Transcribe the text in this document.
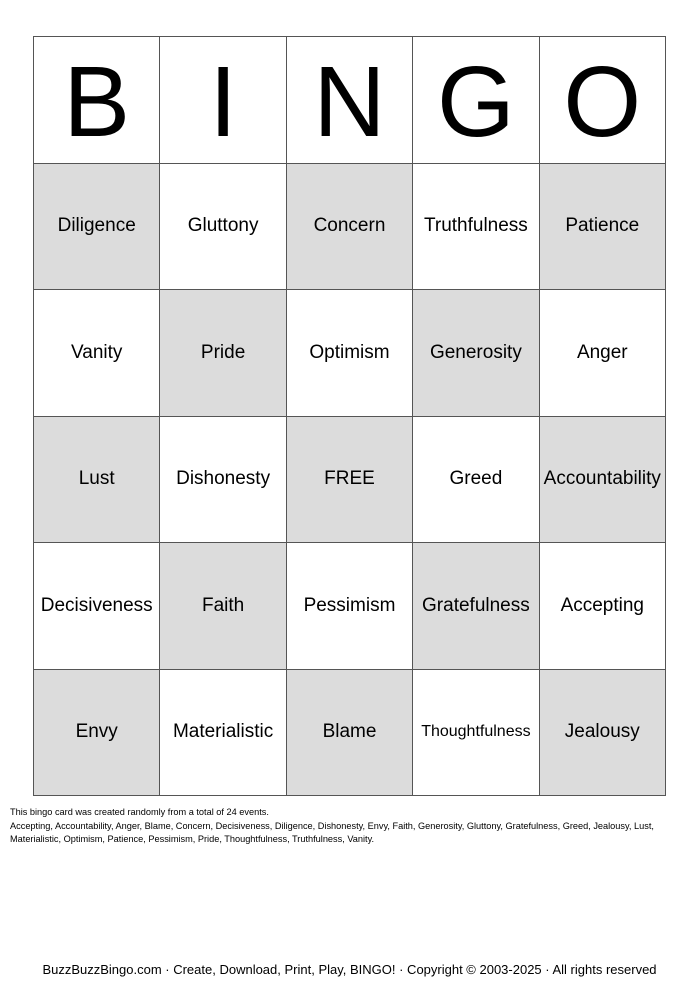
B I N G O
Diligence	Gluttony	Concern	Truthfulness	Patience
Vanity	Pride	Optimism	Generosity	Anger
Lust	Dishonesty	FREE	Greed	Accountability
Decisiveness	Faith	Pessimism	Gratefulness	Accepting
Envy	Materialistic	Blame	Thoughtfulness	Jealousy
This bingo card was created randomly from a total of 24 events.
Accepting, Accountability, Anger, Blame, Concern, Decisiveness, Diligence, Dishonesty, Envy, Faith, Generosity, Gluttony, Gratefulness, Greed, Jealousy, Lust, Materialistic, Optimism, Patience, Pessimism, Pride, Thoughtfulness, Truthfulness, Vanity.
BuzzBuzzBingo.com · Create, Download, Print, Play, BINGO! · Copyright © 2003-2025 · All rights reserved
